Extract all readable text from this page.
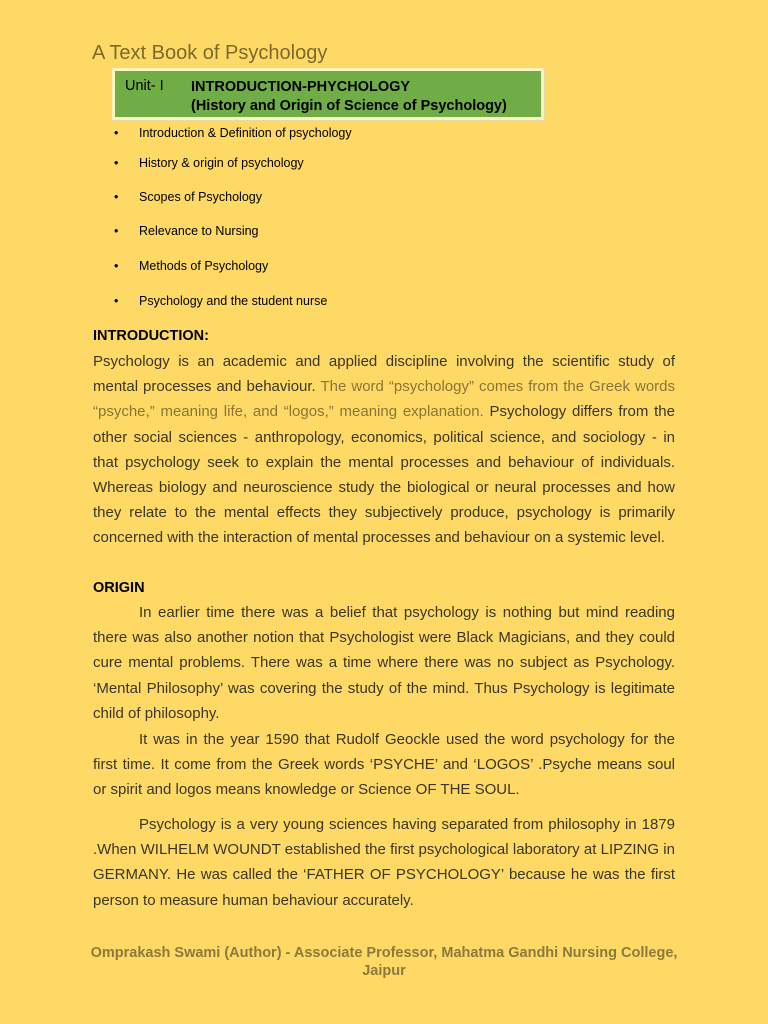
A Text Book of Psychology
Unit- I INTRODUCTION-PHYCHOLOGY
(History and Origin of Science of Psychology)
• Introduction & Definition of psychology
• History & origin of psychology
• Scopes of Psychology
• Relevance to Nursing
• Methods of Psychology
• Psychology and the student nurse
INTRODUCTION:

Psychology is an academic and applied discipline involving the scientific study of mental processes and behaviour. The word “psychology” comes from the Greek words “psyche,” meaning life, and “logos,” meaning explanation. Psychology differs from the other social sciences - anthropology, economics, political science, and sociology - in that psychology seek to explain the mental processes and behaviour of individuals. Whereas biology and neuroscience study the biological or neural processes and how they relate to the mental effects they subjectively produce, psychology is primarily concerned with the interaction of mental processes and behaviour on a systemic level.

ORIGIN

In earlier time there was a belief that psychology is nothing but mind reading there was also another notion that Psychologist were Black Magicians, and they could cure mental problems. There was a time where there was no subject as Psychology. ‘Mental Philosophy’ was covering the study of the mind. Thus Psychology is legitimate child of philosophy.

It was in the year 1590 that Rudolf Geockle used the word psychology for the first time. It come from the Greek words ‘PSYCHE’ and ‘LOGOS’ .Psyche means soul or spirit and logos means knowledge or Science OF THE SOUL.

Psychology is a very young sciences having separated from philosophy in 1879 .When WILHELM WOUNDT established the first psychological laboratory at LIPZING in GERMANY. He was called the ‘FATHER OF PSYCHOLOGY’ because he was the first person to measure human behaviour accurately.

Omprakash Swami (Author) - Associate Professor, Mahatma Gandhi Nursing College,
Jaipur
